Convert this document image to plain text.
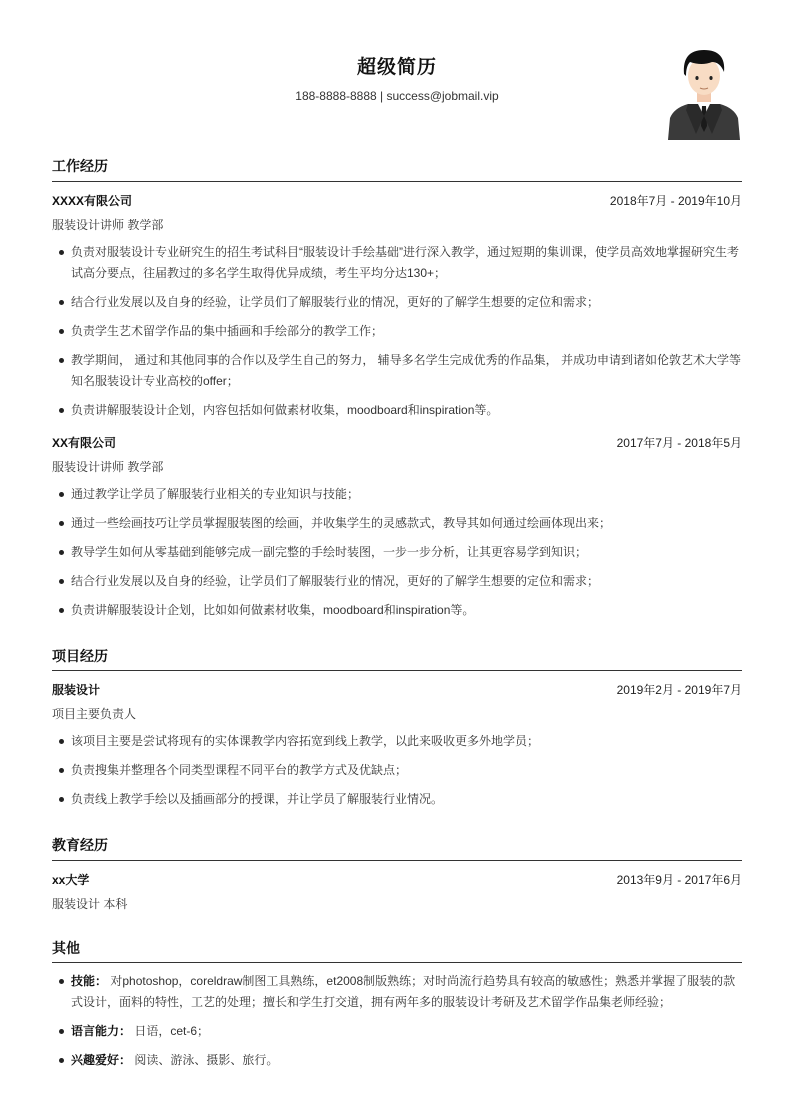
超级简历
188-8888-8888 | success@jobmail.vip
工作经历
XXXX有限公司	2018年7月 - 2019年10月
服装设计讲师 教学部
负责对服装设计专业研究生的招生考试科目“服装设计手绘基础”进行深入教学，通过短期的集训课，使学员高效地掌握研究生考试高分要点，往届教过的多名学生取得优异成绩，考生平均分达130+；
结合行业发展以及自身的经验，让学员们了解服装行业的情况，更好的了解学生想要的定位和需求；
负责学生艺术留学作品的集中插画和手绘部分的教学工作；
教学期间， 通过和其他同事的合作以及学生自己的努力， 辅导多名学生完成优秀的作品集， 并成功申请到诸如伦敦艺术大学等知名服装设计专业高校的offer；
负责讲解服装设计企划，内容包括如何做素材收集，moodboard和inspiration等。
XX有限公司	2017年7月 - 2018年5月
服装设计讲师 教学部
通过教学让学员了解服装行业相关的专业知识与技能；
通过一些绘画技巧让学员掌握服装图的绘画，并收集学生的灵感款式，教导其如何通过绘画体现出来；
教导学生如何从零基础到能够完成一副完整的手绘时装图，一步一步分析，让其更容易学到知识；
结合行业发展以及自身的经验，让学员们了解服装行业的情况，更好的了解学生想要的定位和需求；
负责讲解服装设计企划，比如如何做素材收集，moodboard和inspiration等。
项目经历
服装设计	2019年2月 - 2019年7月
项目主要负责人
该项目主要是尝试将现有的实体课教学内容拓宽到线上教学，以此来吸收更多外地学员；
负责搜集并整理各个同类型课程不同平台的教学方式及优缺点；
负责线上教学手绘以及插画部分的授课，并让学员了解服装行业情况。
教育经历
xx大学	2013年9月 - 2017年6月
服装设计 本科
其他
技能： 对photoshop，coreldraw制图工具熟练，et2008制版熟练；对时尚流行趋势具有较高的敏感性；熟悉并掌握了服装的款式设计，面料的特性，工艺的处理；擅长和学生打交道，拥有两年多的服装设计考研及艺术留学作品集老师经验；
语言能力： 日语，cet-6；
兴趣爱好： 阅读、游泳、摄影、旅行。
